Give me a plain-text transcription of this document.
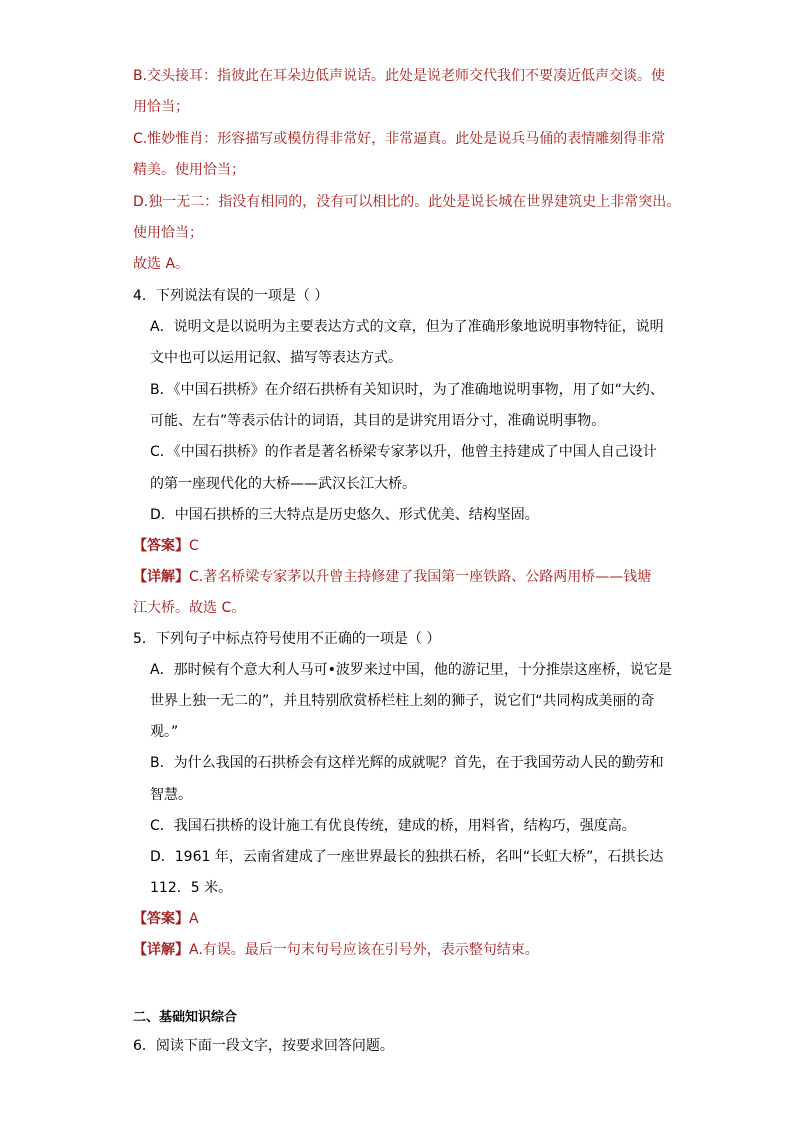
B.交头接耳：指彼此在耳朵边低声说话。此处是说老师交代我们不要凑近低声交谈。使
用恰当；
C.惟妙惟肖：形容描写或模仿得非常好，非常逼真。此处是说兵马俑的表情雕刻得非常
精美。使用恰当；
D.独一无二：指没有相同的，没有可以相比的。此处是说长城在世界建筑史上非常突出。
使用恰当；
故选 A。
4．下列说法有误的一项是（ ）
A．说明文是以说明为主要表达方式的文章，但为了准确形象地说明事物特征，说明
文中也可以运用记叙、描写等表达方式。
B．《中国石拱桥》在介绍石拱桥有关知识时，为了准确地说明事物，用了如“大约、
可能、左右”等表示估计的词语，其目的是讲究用语分寸，准确说明事物。
C．《中国石拱桥》的作者是著名桥梁专家茅以升，他曾主持建成了中国人自己设计
的第一座现代化的大桥——武汉长江大桥。
D．中国石拱桥的三大特点是历史悠久、形式优美、结构坚固。
【答案】C
【详解】C.著名桥梁专家茅以升曾主持修建了我国第一座铁路、公路两用桥——钱塘
江大桥。故选 C。
5．下列句子中标点符号使用不正确的一项是（ ）
A．那时候有个意大利人马可•波罗来过中国，他的游记里，十分推崇这座桥，说它是
世界上独一无二的”，并且特别欣赏桥栏柱上刻的狮子，说它们“共同构成美丽的奇
观。”
B．为什么我国的石拱桥会有这样光辉的成就呢？首先，在于我国劳动人民的勤劳和
智慧。
C．我国石拱桥的设计施工有优良传统，建成的桥，用料省，结构巧，强度高。
D．1961 年，云南省建成了一座世界最长的独拱石桥，名叫“长虹大桥”，石拱长达
112．5 米。
【答案】A
【详解】A.有误。最后一句末句号应该在引号外，表示整句结束。
二、基础知识综合
6．阅读下面一段文字，按要求回答问题。
